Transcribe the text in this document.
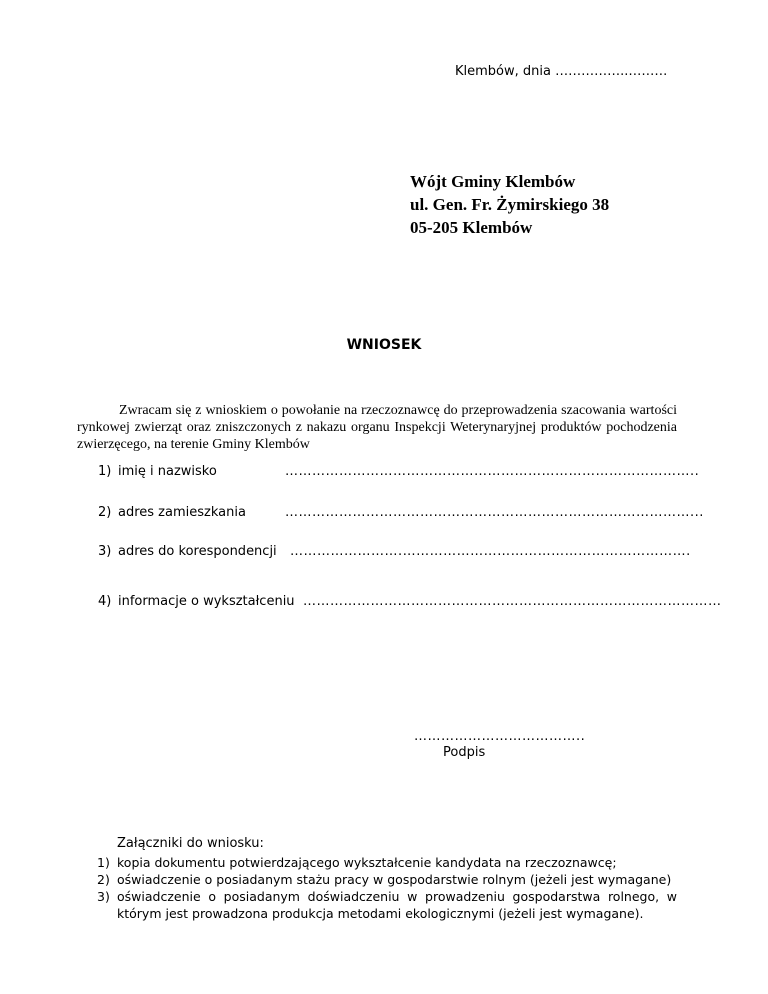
Klembów, dnia ……………..………
Wójt Gminy Klembów
ul. Gen. Fr. Żymirskiego 38
05-205 Klembów
WNIOSEK
Zwracam się z wnioskiem o powołanie na rzeczoznawcę do przeprowadzenia szacowania wartości rynkowej zwierząt oraz zniszczonych z nakazu organu Inspekcji Weterynaryjnej produktów pochodzenia zwierzęcego, na terenie Gminy Klembów
1) imię i nazwisko	………………………………………………………………………………..
2) adres zamieszkania	………………………………………………………………………………...
3) adres do korespondencji …………………….……………………………………………………….
4) informacje o wykształceniu …………………………………………………………………………………
………………………………..
Podpis
Załączniki do wniosku:
1) kopia dokumentu potwierdzającego wykształcenie kandydata na rzeczoznawcę;
2) oświadczenie o posiadanym stażu pracy w gospodarstwie rolnym (jeżeli jest wymagane)
3) oświadczenie o posiadanym doświadczeniu w prowadzeniu gospodarstwa rolnego, w którym jest prowadzona produkcja metodami ekologicznymi (jeżeli jest wymagane).
